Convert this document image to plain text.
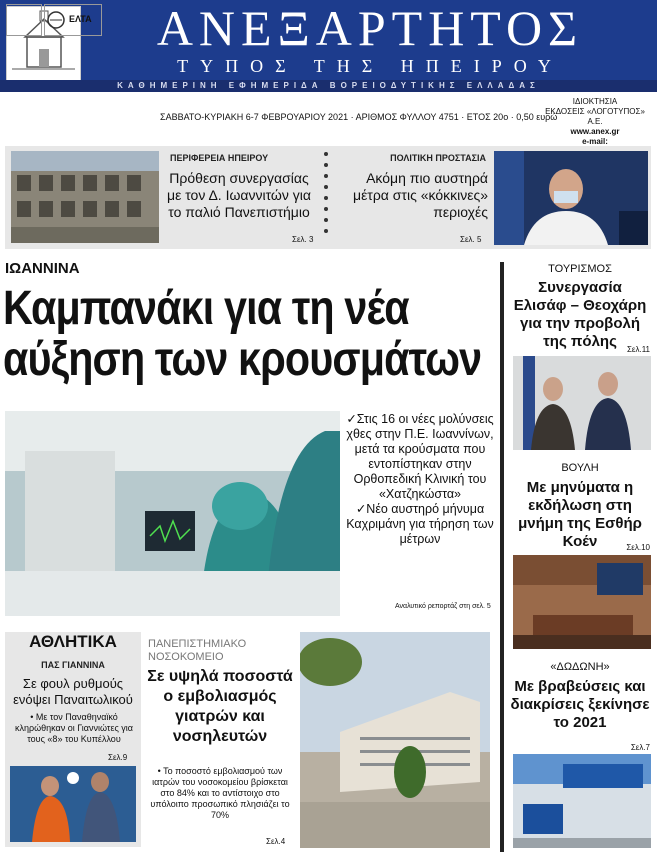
ΑΝΕΞΑΡΤΗΤΟΣ
ΤΥΠΟΣ ΤΗΣ ΗΠΕΙΡΟΥ
ΚΑΘΗΜΕΡΙΝΗ ΕΦΗΜΕΡΙΔΑ ΒΟΡΕΙΟΔΥΤΙΚΗΣ ΕΛΛΑΔΑΣ
ΕΛΤΑ
ΣΑΒΒΑΤΟ-ΚΥΡΙΑΚΗ 6-7 ΦΕΒΡΟΥΑΡΙΟΥ 2021 · ΑΡΙΘΜΟΣ ΦΥΛΛΟΥ 4751 · ΕΤΟΣ 20ο · 0,50 ευρώ
ΙΔΙΟΚΤΗΣΙΑ
ΕΚΔΟΣΕΙΣ «ΛΟΓΟΤΥΠΟΣ» Α.Ε.
www.anex.gr
e-mail:
ΠΕΡΙΦΕΡΕΙΑ ΗΠΕΙΡΟΥ
Πρόθεση συνεργασίας με τον Δ. Ιωαννιτών για το παλιό Πανεπιστήμιο
Σελ. 3
ΠΟΛΙΤΙΚΗ ΠΡΟΣΤΑΣΙΑ
Ακόμη πιο αυστηρά μέτρα στις «κόκκινες» περιοχές
Σελ. 5
ΙΩΑΝΝΙΝΑ
Καμπανάκι για τη νέα
αύξηση των κρουσμάτων
✓Στις 16 οι νέες μολύνσεις χθες στην Π.Ε. Ιωαννίνων, μετά τα κρούσματα που εντοπίστηκαν στην Ορθοπεδική Κλινική του «Χατζηκώστα»
✓Νέο αυστηρό μήνυμα Καχριμάνη για τήρηση των μέτρων
Αναλυτικό ρεπορτάζ στη σελ. 5
ΤΟΥΡΙΣΜΟΣ
Συνεργασία Ελισάφ – Θεοχάρη για την προβολή της πόλης	Σελ.11
ΒΟΥΛΗ
Με μηνύματα η εκδήλωση στη μνήμη της Εσθήρ Κοέν	Σελ.10
«ΔΩΔΩΝΗ»
Με βραβεύσεις και διακρίσεις ξεκίνησε το 2021
Σελ.7
ΑΘΛΗΤΙΚΑ
ΠΑΣ ΓΙΑΝΝΙΝΑ
Σε φουλ ρυθμούς ενόψει Παναιτωλικού
• Με τον Παναθηναϊκό κληρώθηκαν οι Γιαννιώτες για τους «8» του Κυπέλλου
Σελ.9
ΠΑΝΕΠΙΣΤΗΜΙΑΚΟ ΝΟΣΟΚΟΜΕΙΟ
Σε υψηλά ποσοστά ο εμβολιασμός γιατρών και νοσηλευτών
• Το ποσοστό εμβολιασμού των ιατρών του νοσοκομείου βρίσκεται στο 84% και το αντίστοιχο στο υπόλοιπο προσωπικό πλησιάζει το 70%
Σελ.4
